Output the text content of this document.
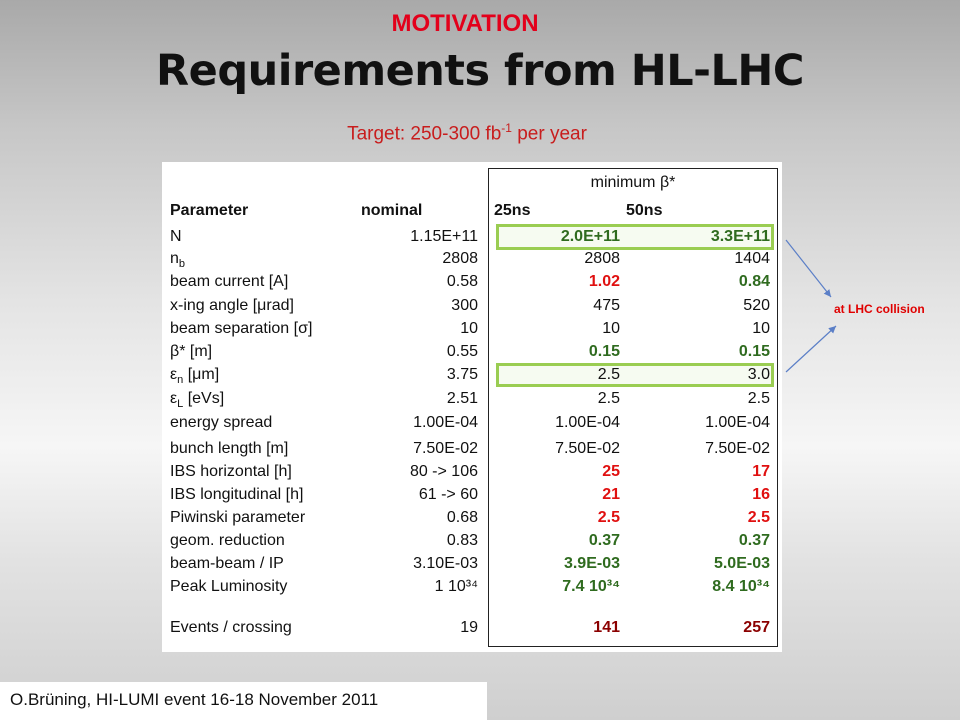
MOTIVATION
Requirements from HL-LHC
Target: 250-300 $fb^{-1}$ per year
minimum β*
Parameter	nominal	25ns	50ns
N	1.15E+11	2.0E+11	3.3E+11
$n_b$	2808	2808	1404
beam current [A]	0.58	1.02	0.84
x-ing angle [μrad]	300	475	520
beam separation [σ]	10	10	10
β* [m]	0.55	0.15	0.15
$\varepsilon_n$ [μm]	3.75	2.5	3.0
$\varepsilon_L$ [eVs]	2.51	2.5	2.5
energy spread	1.00E-04	1.00E-04	1.00E-04
bunch length [m]	7.50E-02	7.50E-02	7.50E-02
IBS horizontal [h]	80 -> 106	25	17
IBS longitudinal [h]	61 -> 60	21	16
Piwinski parameter	0.68	2.5	2.5
geom. reduction	0.83	0.37	0.37
beam-beam / IP	3.10E-03	3.9E-03	5.0E-03
Peak Luminosity	1 10³⁴	7.4 10³⁴	8.4 10³⁴
Events / crossing	19	141	257
at LHC collision
O.Brüning, HI-LUMI event 16-18 November 2011
